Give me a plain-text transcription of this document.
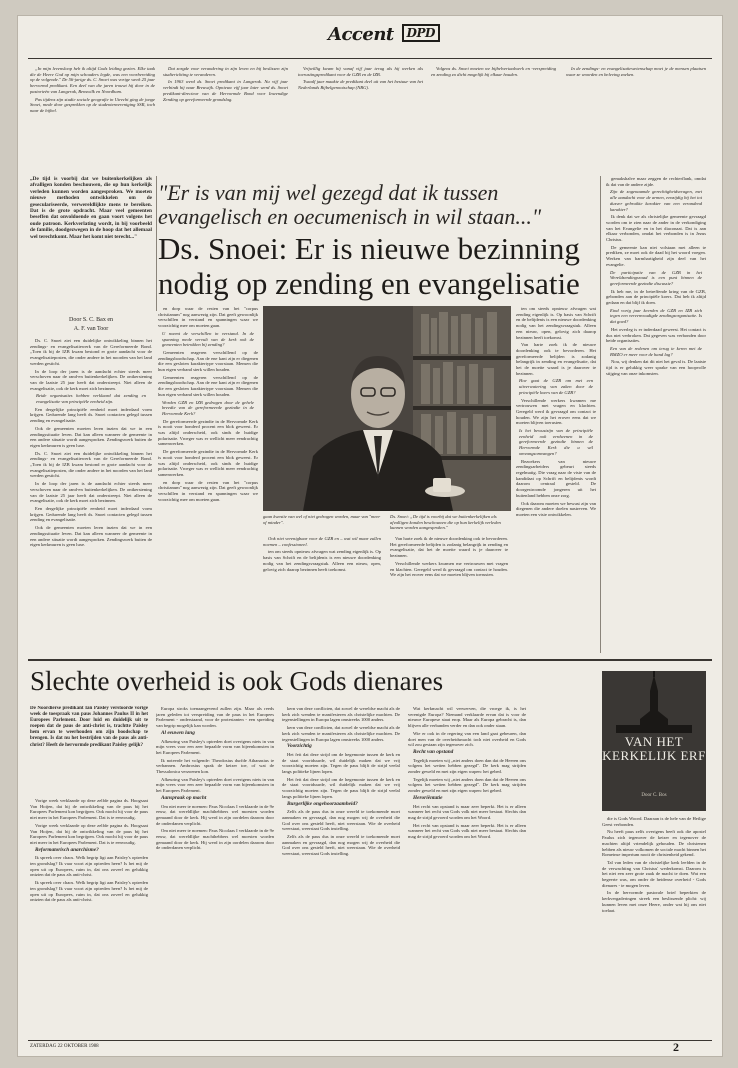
Accent DPD

„In mijn levensloop heb ik altijd Gods leiding gezien. Elke taak die de Heere God op mijn schouders legde, was een voorbereiding op de volgende." De 56-jarige ds. C. Snoei was vorige week 25 jaar hervormd predikant. Een deel van die jaren trouwt hij door in de pastorieën van Langerak, Benswilk en Noordham.

Pas tijdens zijn studie sociale geografie in Utrecht ging de jonge Snoei, mede door gesprekken op de studentenvereniging SSR, toch naar de bijbel.

Dat zorgde voor verandering in zijn leven en bij beslissen zijn studierichting te veranderen.

In 1963 werd ds. Snoei predikant in Langerak. Nu vijf jaar verbindt hij naar Breuwijk. Opnieuw vijf jaar later werd ds. Snoei predikant-directeur van de Hervormde Bond voor Inwendige Zending op gereformeerde grondslag.

Vrijwillig kwam hij vanaf vijf jaar terug als hij werken als toerustingspredikant voor de GZB en de IZB.

Twaalf jaar maakte de predikant deel uit van het bestuur van het Nederlands Bijbelgenootschap (NBG).

Volgens ds. Snoei moeten we bijbelvertaalwerk en -verspreiding en zending zo dicht mogelijk bij elkaar houden.

In de zendings- en evangelisatiewetenschap moet je de mensen plaatsen waar ze woorden en beleving zoeken.

„De tijd is voorbij dat we buitenkerkelijken als afvalligen konden beschouwen, die op hun kerkelijk verleden kunnen worden aangesproken. We moeten nieuwe methoden ontwikkelen om de geseculariseerde, verwereldlijkte mens te bereiken. Dat is de grote opdracht. Maar veel gemeenten beseffen dat onvoldoende en gaan voort volgens het oude patroon. Kerkverlating wordt, in bij voorbeeld de familie, doodgezwegen in de hoop dat het allemaal wel terechtkomt. Maar het komt niet terecht..."

"Er is van mij wel gezegd dat ik tussen evangelisch en oecumenisch in wil staan..."
Ds. Snoei: Er is nieuwe bezinning nodig op zending en evangelisatie
Door S. C. Bax en
A. F. van Toor

Ds. C. Snoei ziet een duidelijke ontwikkeling binnen het zendings- en evangelisatiewerk van de Gereformeerde Bond. „Toen ik bij de IZB kwam bestond er grote aandacht voor de evangelisatieposten, die onder andere in het noorden van het land werden gesticht.

In de loop der jaren is de aandacht echter steeds meer verschoven naar de rand-en buitenkerkelijken. De ontkerstening van de laatste 25 jaar heeft dat onderstreept. Niet alleen de evangelisatie, ook de kerk moet zich bezinnen.

Beide organisaties hebben verklaard dat zending en evangelisatie van principiële eenheid zijn.

Een dergelijke principiële eenheid moet inderdaad vorm krijgen. Gedurende lang heeft ds. Snoei contacten gelegd tussen zending en evangelisatie.

Ook de gemeenten moeten leren inzien dat we in een zendingssituatie leven. Dat kan alleen wanneer de gemeente in een andere situatie wordt aangesproken. Zendingswerk buiten de eigen kerkmuren is geen luxe.

Ds. C. Snoei ziet een duidelijke ontwikkeling binnen het zendings- en evangelisatiewerk van de Gereformeerde Bond. „Toen ik bij de IZB kwam bestond er grote aandacht voor de evangelisatieposten, die onder andere in het noorden van het land werden gesticht.

In de loop der jaren is de aandacht echter steeds meer verschoven naar de rand-en buitenkerkelijken. De ontkerstening van de laatste 25 jaar heeft dat onderstreept. Niet alleen de evangelisatie, ook de kerk moet zich bezinnen.

Een dergelijke principiële eenheid moet inderdaad vorm krijgen. Gedurende lang heeft ds. Snoei contacten gelegd tussen zending en evangelisatie.

Ook de gemeenten moeten leren inzien dat we in een zendingssituatie leven. Dat kan alleen wanneer de gemeente in een andere situatie wordt aangesproken. Zendingswerk buiten de eigen kerkmuren is geen luxe.

en dorp waar de resten van het "corpus christianum" nog aanwezig zijn. Dat geeft gewoonlijk verschillen in verstand en spanningen waar we voorzichtig mee om moeten gaan.

U noemt de verschillen in verstand. In de spanning mede vervult van de kerk ook de gemeenten betrokken bij zending?

Gemeenten reageren verschillend op de zendingsboodschap. Aan de ene kant zijn er diegenen die een gesloten karaktertype voorstaan. Mensen die hun eigen verband sterk willen houden.

Gemeenten reageren verschillend op de zendingsboodschap. Aan de ene kant zijn er diegenen die een gesloten karaktertype voorstaan. Mensen die hun eigen verband sterk willen houden.

Worden GZB en IZB gedragen door de gehele breedte van de gereformeerde gezindte in de Hervormde Kerk?

De gereformeerde gezindte in de Hervormde Kerk is nooit voor honderd procent een blok geweest. Er was altijd onderscheid, ook sinds de huidige polarisatie. Vroeger was er wellicht meer eendrachtig samenwerken.

De gereformeerde gezindte in de Hervormde Kerk is nooit voor honderd procent een blok geweest. Er was altijd onderscheid, ook sinds de huidige polarisatie. Vroeger was er wellicht meer eendrachtig samenwerken.

en dorp waar de resten van het "corpus christianum" nog aanwezig zijn. Dat geeft gewoonlijk verschillen in verstand en spanningen waar we voorzichtig mee om moeten gaan.

gaan kwestie van wel of niet gedragen worden, maar van "meer of minder".
Ds. Snoei: „De tijd is voorbij dat we buitenkerkelijken als afvalligen konden beschouwen die op hun kerkelijk verleden kunnen worden aangesproken."

Ook niet verenigbaar voor de GZB en – wat wil maar zullen noemen – confessioneel.

ten om steeds opnieuw afvragen wat zending eigenlijk is. Op basis van Schrift en de belijdenis is een nieuwe doordenking nodig van het zendingsvraagstuk. Alleen een nieuw, open, gelovig zich daarop bezinnen heeft toekomst.

Van harte zoek ik de nieuwe doordenking ook te bevorderen. Het gereformeerde belijden is zodanig belangrijk in zending en evangelisatie, dat het de moeite waard is je daarover te bezinnen.

Verschillende werkers kwamen me vertrouwen met vragen en klachten. Geregeld werd ik gevraagd om contact te houden. We zijn het erover eens dat we moeten blijven toerusten.

ten om steeds opnieuw afvragen wat zending eigenlijk is. Op basis van Schrift en de belijdenis is een nieuwe doordenking nodig van het zendingsvraagstuk. Alleen een nieuw, open, gelovig zich daarop bezinnen heeft toekomst.

Van harte zoek ik de nieuwe doordenking ook te bevorderen. Het gereformeerde belijden is zodanig belangrijk in zending en evangelisatie, dat het de moeite waard is je daarover te bezinnen.

Hoe gaat de GZB om met een uitverwatering van zaken door de principiële koers van de GZB?

Verschillende werkers kwamen me vertrouwen met vragen en klachten. Geregeld werd ik gevraagd om contact te houden. We zijn het erover eens dat we moeten blijven toerusten.

Is het bewustzijn van de principiële eenheid ook verdwenen in de gereformeerde gezindte binnen de Hervormde Kerk die u wil omvangsomvangen?

Bezoekers van nieuwe zendingsarbeiders gebeurt steeds regelmatig. Die vraag naar de visie van de kandidaat op Schrift en belijdenis wordt daarom centraal gesteld. De doorgestroomde jongeren uit het buitenland hebben onze zorg.

Ook daarom moeten we bewust zijn van diegenen die andere doelen nastreven. We moeten een visie ontwikkelen.

gemakshalve maar zeggen de rechterflank, omdat ik dat van de andere zijde.

Zijn de zogenaamde gerechtigheidsvragen, met alle aandacht voor de armen, eenzijdig bij het tot dusver gebruikte karakter van een verandend karakter?

Ik denk dat we als christelijke gemeente gevraagd worden om te zien naar de ander in de verkondiging van het Evangelie en in het diaconaat. Dat is aan elkaar verbonden, omdat het verbonden is in Jezus Christus.

De gemeente kan niet volstaan met alleen te prediken, ze moet ook de daad bij het woord voegen. Werken van barmhartigheid zijn deel van het evangelie.

De participatie van de GZB in het Wereldzendingsraad is een punt binnen de gereformeerde gezindte discussie?

Ik heb me, in de betreffende kring van de GZB, gebonden aan de principiële koers. Dat heb ik altijd gedaan en dat blijf ik doen.

Eind vorig jaar keerden de GZB en IZB zich tegen een vereenvoudigde zendingsorganisatie. Is dat goed?

Het overleg is er inderdaad geweest. Het contact is dus niet verbroken. Dat gegeven was verbonden door beide organisaties.

Een van de redenen om terug te keren met de BMZO er meer voor de hand lag?

Nou, wij denken dat dit niet het geval is. De laatste tijd is er gelukkig weer sprake van een hoopvolle stijging van onze inkomsten.

Slechte overheid is ook Gods dienares

De Noordierse predikant Ian Paisley verstoorde vorige week de toespraak van paus Johannes Paulus II in het Europees Parlement. Door luid en duidelijk uit te roepen dat de paus de anti-christ is, trachtte Paisley hem ervan te weerhouden om zijn boodschap te brengen. Is dat nu het bestrijden van de paus als anti-christ? Heeft de hervormde predikant Paisley gelijk?

Vorige week verklaarde op deze zelfde pagina ds. Hoogsaat Van Hoijen, dat hij de ontwikkeling van de paus bij het Europees Parlement kon begrijpen. Ook mocht hij voor de paus niet meer in het Europees Parlement. Dat is te eenvoudig.

Vorige week verklaarde op deze zelfde pagina ds. Hoogsaat Van Hoijen, dat hij de ontwikkeling van de paus bij het Europees Parlement kon begrijpen. Ook mocht hij voor de paus niet meer in het Europees Parlement. Dat is te eenvoudig.

Reformatorisch anarchisme?

Ik spreek over chaos. Welk begrip ligt aan Paisley's optreden ten grondslag? Ik vaar voort zijn optreden heen? Is het mij de open uit op Europees, ruim in, dat ons zoveel en gelukkig ontzien dat de paus als anti-christ.

Ik spreek over chaos. Welk begrip ligt aan Paisley's optreden ten grondslag? Ik vaar voort zijn optreden heen? Is het mij de open uit op Europees, ruim in, dat ons zoveel en gelukkig ontzien dat de paus als anti-christ.

Europa stroks toenaangevend zullen zijn. Maar als reeds jaren geleden tot verspreiding van de paus in het Europees Parlement - onderstaand, voor de protestanten - een spreiding van begrip mogelijk kan worden.

Al eeuwen lang

Afkeuring van Paisley's optreden doet overigens niets in van mijn vrees voor een zeer bepaalde vorm van bijeenkomsten in het Europees Parlement.

Ik noteerde het volgende: Theodosius durfde Athanasius te verbannen. Ambrosius sprak de keizer toe, of wat de Thessalonica verzoenen kon.

Afkeuring van Paisley's optreden doet overigens niets in van mijn vrees voor een zeer bepaalde vorm van bijeenkomsten in het Europees Parlement.

Aanspraak op macht

Om niet meer te noemen: Paus Nicolaas I verklaarde in de 9e eeuw, dat wereldlijke machthebbers wel moesten worden gemaand door de kerk. Hij werd in zijn oordelen daarom door de onderdanen verplicht.

Om niet meer te noemen: Paus Nicolaas I verklaarde in de 9e eeuw, dat wereldlijke machthebbers wel moesten worden gemaand door de kerk. Hij werd in zijn oordelen daarom door de onderdanen verplicht.

kern van deze conflicten, dat zowel de wereldse macht als de kerk zich wenden te manifesteren als christelijke machten. De tegenstellingen in Europa lagen omstreeks 1000 anders.

kern van deze conflicten, dat zowel de wereldse macht als de kerk zich wenden te manifesteren als christelijke machten. De tegenstellingen in Europa lagen omstreeks 1000 anders.

Voorzichtig

Het feit dat deze strijd om de hegemonie tussen de kerk en de staat voortduurde, wil duidelijk maken dat we vrij voorzichtig moeten zijn. Tegen de paus blijft de strijd veelal langs politieke lijnen lopen.

Het feit dat deze strijd om de hegemonie tussen de kerk en de staat voortduurde, wil duidelijk maken dat we vrij voorzichtig moeten zijn. Tegen de paus blijft de strijd veelal langs politieke lijnen lopen.

Burgerlijke ongehoorzaamheid?

Zelfs als de paus dus in onze wereld te toekomende moet aanmaken en gevraagd, dan nog mogen wij de overheid die God over ons gesteld heeft, niet weerstaan. Wie de overheid weerstaat, weerstaat Gods instelling.

Zelfs als de paus dus in onze wereld te toekomende moet aanmaken en gevraagd, dan nog mogen wij de overheid die God over ons gesteld heeft, niet weerstaan. Wie de overheid weerstaat, weerstaat Gods instelling.

Wat kerkmacht wil verwerven, die vroege ik, is het verenigde Europa? Niemand verklaarde ervan dat is voor de nieuwe Europese staat erop. Maar als Europa gebracht is, dan blijven alle verbanden verder en dan ook onder staan.

Wie er ook in de regering van een land gaat gebeuren, dan doet men van de overheidsmacht toch niet overheid en Gods wil zou gestaan zijn tegenover zich.

Recht van opstand

Tegelijk moeten wij „niet anders doen dan dat de Heeren ons volgens het wetten hebben gezegd". De kerk mag strijden zonder geweld en met zijn eigen wapen: het gebed.

Tegelijk moeten wij „niet anders doen dan dat de Heeren ons volgens het wetten hebben gezegd". De kerk mag strijden zonder geweld en met zijn eigen wapen: het gebed.

Heroriëntatie

Het recht van opstand is maar zeer beperkt. Het is er alleen wanneer het recht van Gods volk niet meer bestaat. Slechts dan mag de strijd gevoerd worden om het Woord.

Het recht van opstand is maar zeer beperkt. Het is er alleen wanneer het recht van Gods volk niet meer bestaat. Slechts dan mag de strijd gevoerd worden om het Woord.

VAN HET KERKELIJK ERF
Door C. Bos

die is Gods Woord. Daaraan is de hele van de Heilige Geest verbonden.

Nu heeft paus zelfs overigens beeft ook die apostel Paulus zich tegenover de keizer en tegenover de machten altijd vriendelijk gehouden. De christenen hebben als nieuw volkomen de sociale macht binnen het Romeinse imperium nooit de christenheid gekend.

Tal van leden van de christelijke kerk leefden in de de verwachting van Christus' wederkomst. Daarom is het niet een zeer grote zaak de macht te doen. Wat een begeerte was, om onder de heidense overheid - Gods dienares - te mogen leven.

In de hervormde pastorale brief beperkten de kerkvergaderingen streek een beslissende plicht: wij kunnen leven met onze Heere, onder wat hij ons niet toelaat.

ZATERDAG 22 OKTOBER 1988	2
